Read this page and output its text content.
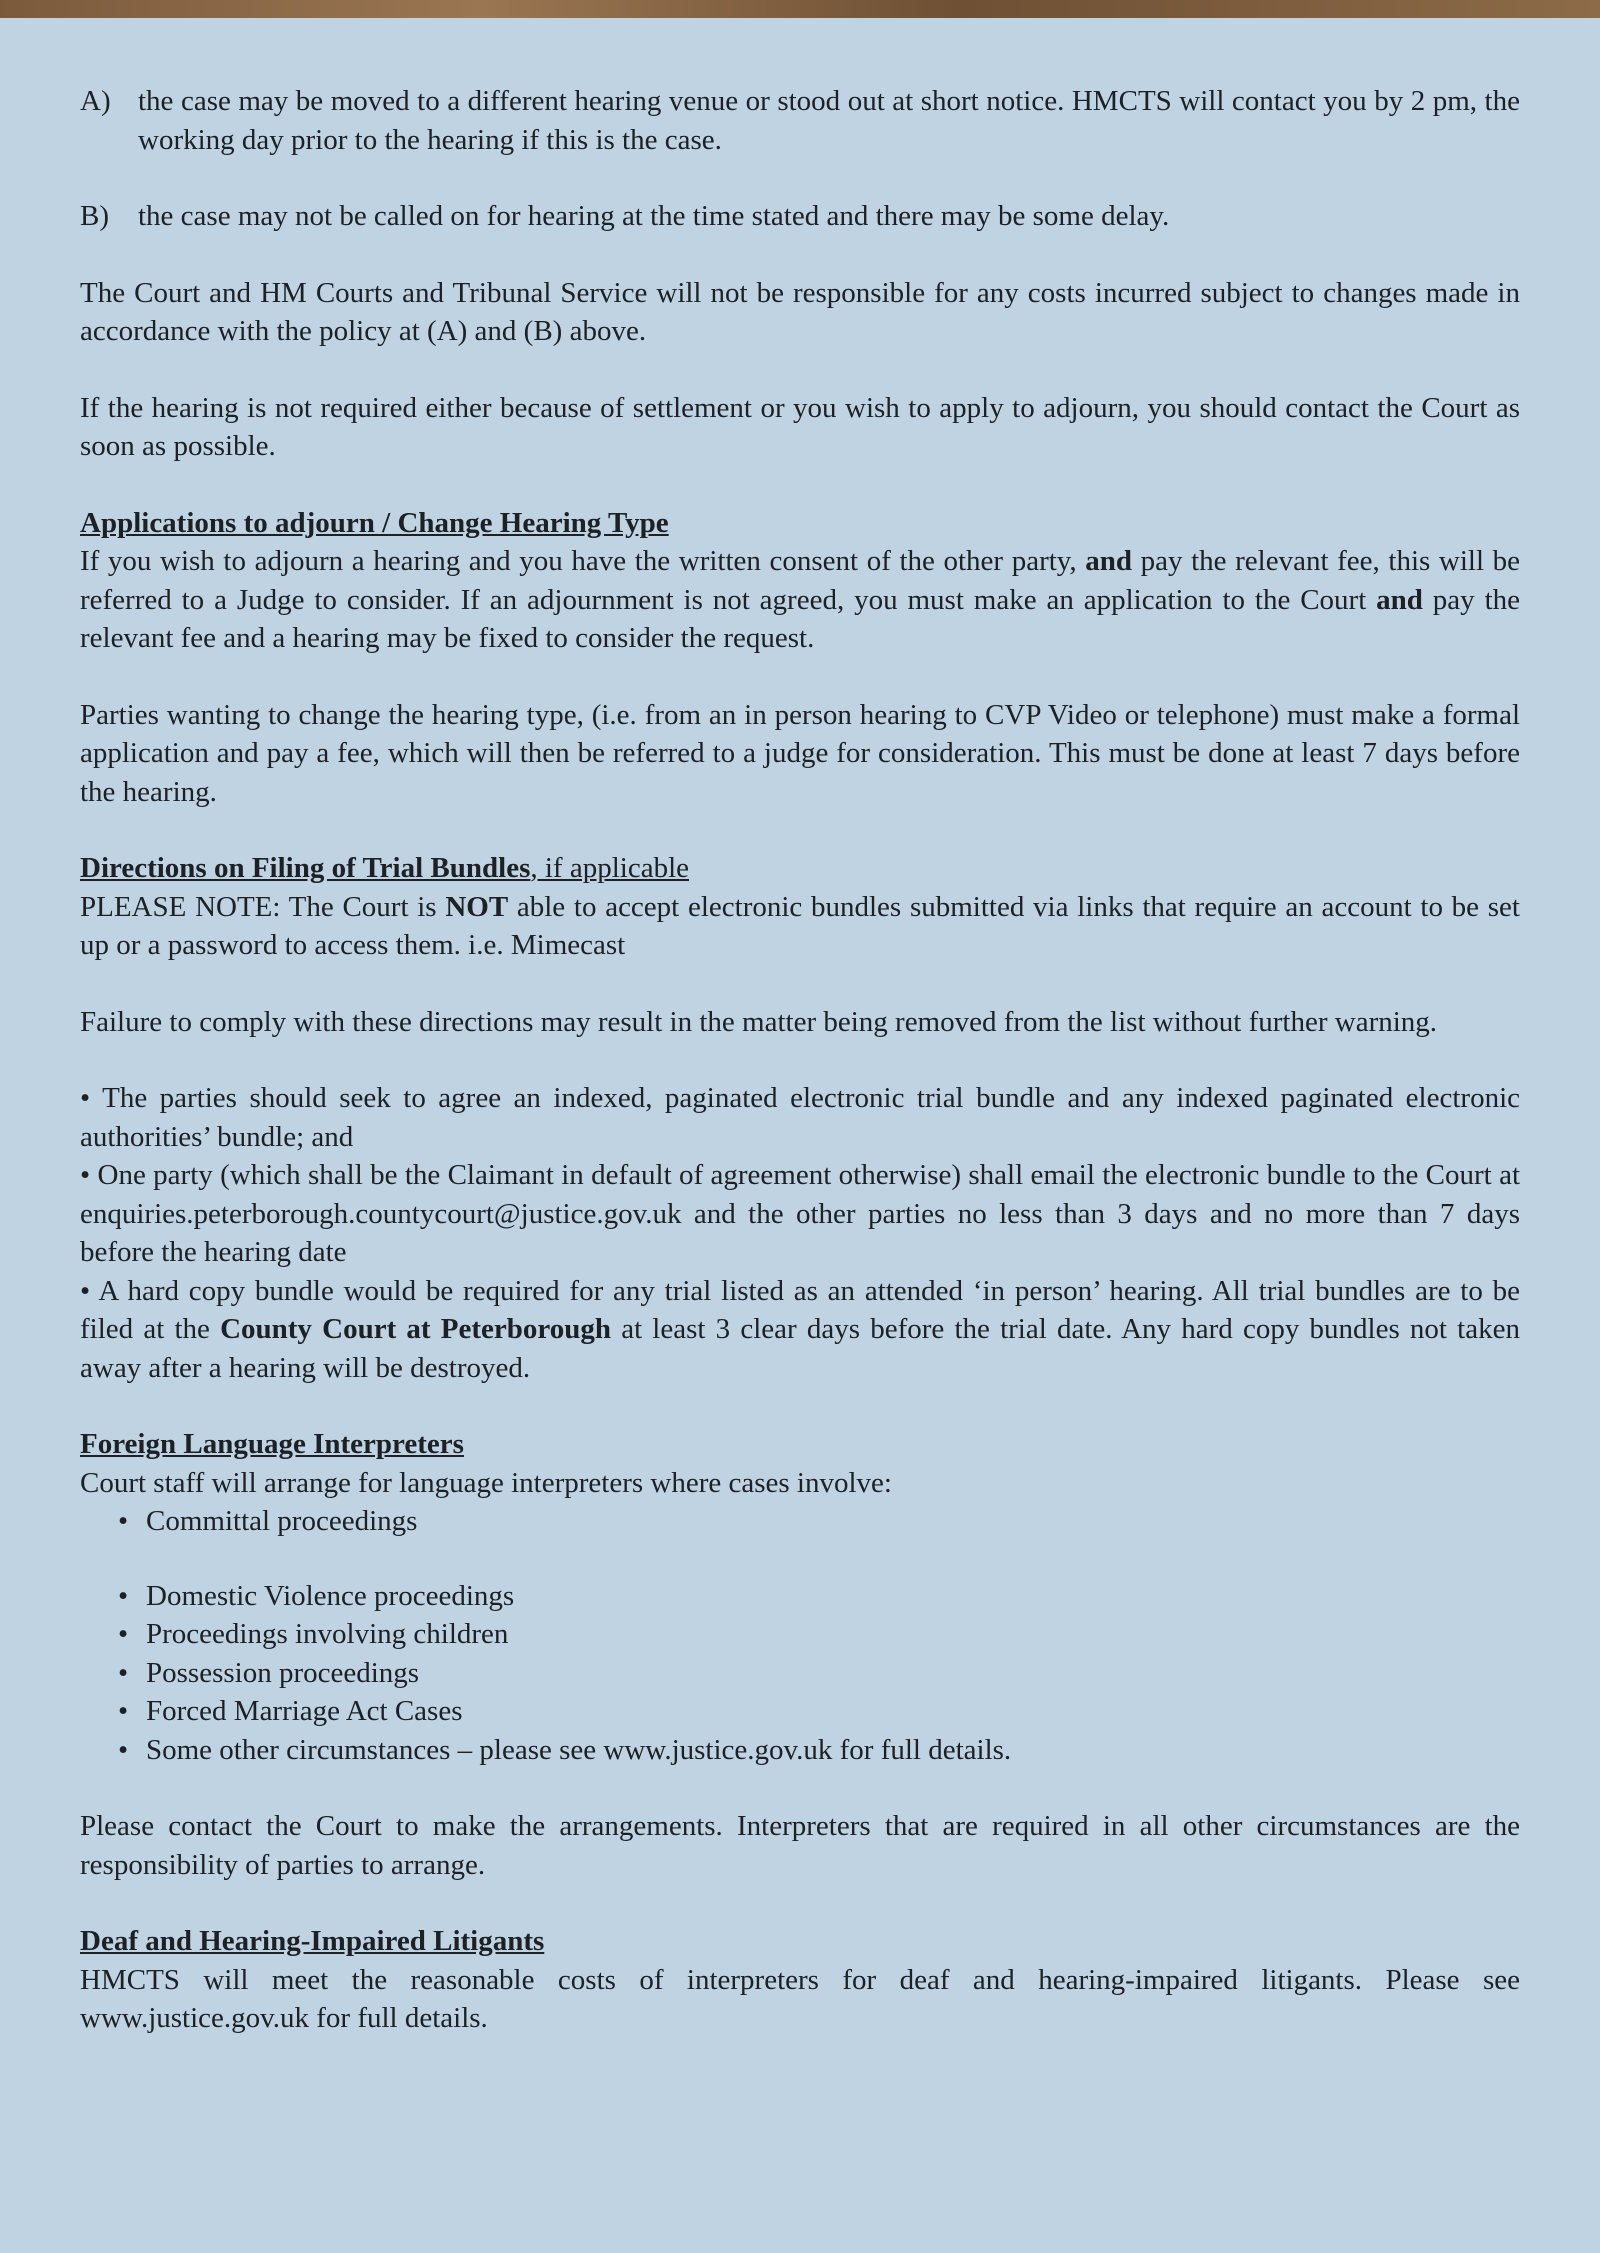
A) the case may be moved to a different hearing venue or stood out at short notice. HMCTS will contact you by 2 pm, the working day prior to the hearing if this is the case.
B)	the case may not be called on for hearing at the time stated and there may be some delay.

The Court and HM Courts and Tribunal Service will not be responsible for any costs incurred subject to changes made in accordance with the policy at (A) and (B) above.

If the hearing is not required either because of settlement or you wish to apply to adjourn, you should contact the Court as soon as possible.

Applications to adjourn / Change Hearing Type

If you wish to adjourn a hearing and you have the written consent of the other party, and pay the relevant fee, this will be referred to a Judge to consider. If an adjournment is not agreed, you must make an application to the Court and pay the relevant fee and a hearing may be fixed to consider the request.

Parties wanting to change the hearing type, (i.e. from an in person hearing to CVP Video or telephone) must make a formal application and pay a fee, which will then be referred to a judge for consideration. This must be done at least 7 days before the hearing.

Directions on Filing of Trial Bundles, if applicable

PLEASE NOTE: The Court is NOT able to accept electronic bundles submitted via links that require an account to be set up or a password to access them. i.e. Mimecast

Failure to comply with these directions may result in the matter being removed from the list without further warning.

• The parties should seek to agree an indexed, paginated electronic trial bundle and any indexed paginated electronic authorities’ bundle; and

• One party (which shall be the Claimant in default of agreement otherwise) shall email the electronic bundle to the Court at enquiries.peterborough.countycourt@justice.gov.uk and the other parties no less than 3 days and no more than 7 days before the hearing date

• A hard copy bundle would be required for any trial listed as an attended ‘in person’ hearing. All trial bundles are to be filed at the County Court at Peterborough at least 3 clear days before the trial date. Any hard copy bundles not taken away after a hearing will be destroyed.

Foreign Language Interpreters

Court staff will arrange for language interpreters where cases involve:

• Committal proceedings
• Domestic Violence proceedings
• Proceedings involving children
• Possession proceedings
• Forced Marriage Act Cases
• Some other circumstances – please see www.justice.gov.uk for full details.

Please contact the Court to make the arrangements. Interpreters that are required in all other circumstances are the responsibility of parties to arrange.

Deaf and Hearing-Impaired Litigants

HMCTS will meet the reasonable costs of interpreters for deaf and hearing-impaired litigants. Please see www.justice.gov.uk for full details.
